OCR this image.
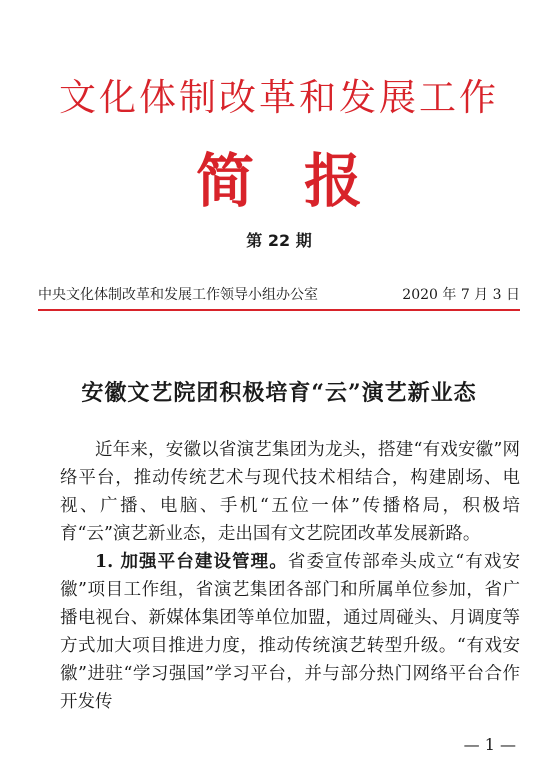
文化体制改革和发展工作
简报
第 22 期
中央文化体制改革和发展工作领导小组办公室	2020 年 7 月 3 日
安徽文艺院团积极培育“云”演艺新业态

近年来，安徽以省演艺集团为龙头，搭建“有戏安徽”网络平台，推动传统艺术与现代技术相结合，构建剧场、电视、广播、电脑、手机“五位一体”传播格局，积极培育“云”演艺新业态，走出国有文艺院团改革发展新路。

1. 加强平台建设管理。省委宣传部牵头成立“有戏安徽”项目工作组，省演艺集团各部门和所属单位参加，省广播电视台、新媒体集团等单位加盟，通过周碰头、月调度等方式加大项目推进力度，推动传统演艺转型升级。“有戏安徽”进驻“学习强国”学习平台，并与部分热门网络平台合作开发传

— 1 —
